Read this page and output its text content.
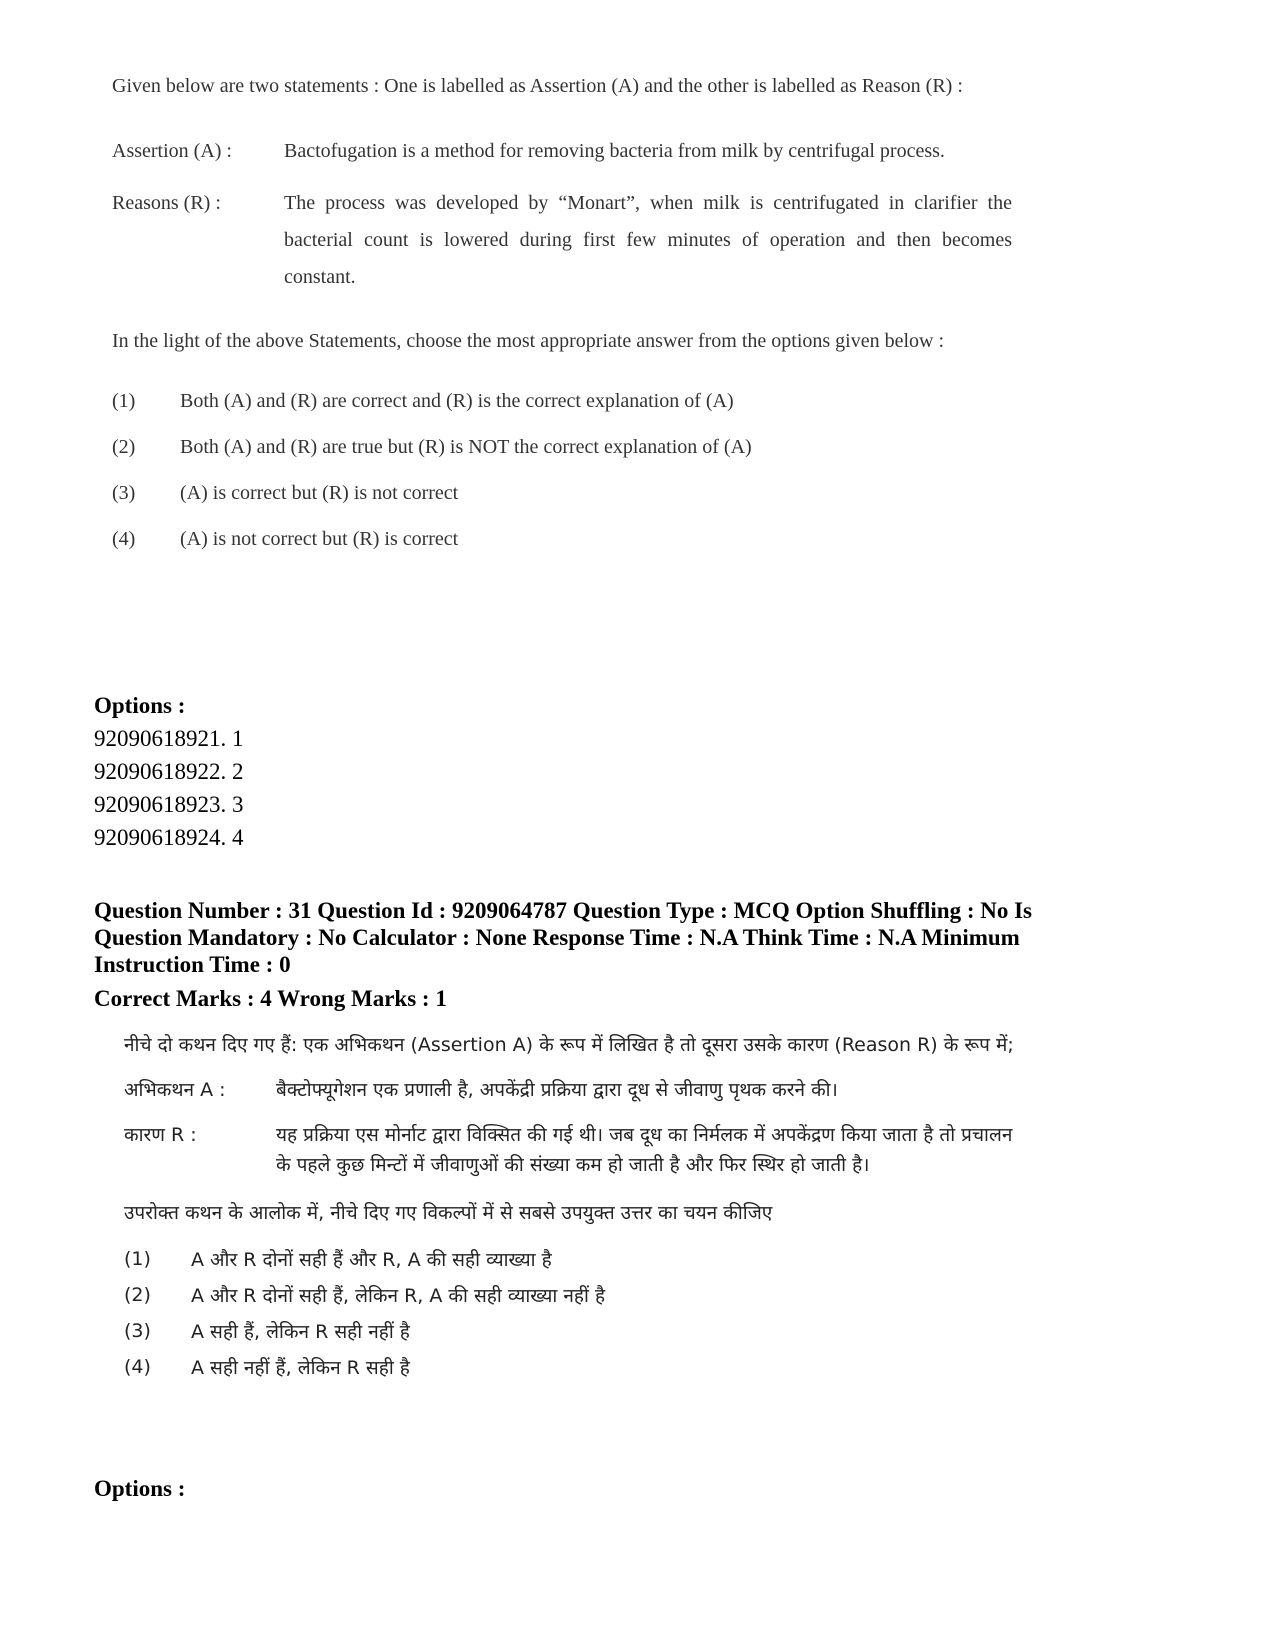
Given below are two statements : One is labelled as Assertion (A) and the other is labelled as Reason (R) :

Assertion (A) :	Bactofugation is a method for removing bacteria from milk by centrifugal process.
Reasons (R) :	The process was developed by “Monart”, when milk is centrifugated in clarifier the bacterial count is lowered during first few minutes of operation and then becomes constant.

In the light of the above Statements, choose the most appropriate answer from the options given below :

(1)	Both (A) and (R) are correct and (R) is the correct explanation of (A)
(2)	Both (A) and (R) are true but (R) is NOT the correct explanation of (A)
(3)	(A) is correct but (R) is not correct
(4)	(A) is not correct but (R) is correct
Options :
92090618921. 1
92090618922. 2
92090618923. 3
92090618924. 4
Question Number : 31 Question Id : 9209064787 Question Type : MCQ Option Shuffling : No Is Question Mandatory : No Calculator : None Response Time : N.A Think Time : N.A Minimum Instruction Time : 0
Correct Marks : 4 Wrong Marks : 1

नीचे दो कथन दिए गए हैं: एक अभिकथन (Assertion A) के रूप में लिखित है तो दूसरा उसके कारण (Reason R) के रूप में;

अभिकथन A :	बैक्टोफ्यूगेशन एक प्रणाली है, अपकेंद्री प्रक्रिया द्वारा दूध से जीवाणु पृथक करने की।
कारण R :	यह प्रक्रिया एस मोर्नाट द्वारा विक्सित की गई थी। जब दूध का निर्मलक में अपकेंद्रण किया जाता है तो प्रचालन के पहले कुछ मिन्टों में जीवाणुओं की संख्या कम हो जाती है और फिर स्थिर हो जाती है।

उपरोक्त कथन के आलोक में, नीचे दिए गए विकल्पों में से सबसे उपयुक्त उत्तर का चयन कीजिए

(1)	A और R दोनों सही हैं और R, A की सही व्याख्या है
(2)	A और R दोनों सही हैं, लेकिन R, A की सही व्याख्या नहीं है
(3)	A सही हैं, लेकिन R सही नहीं है
(4)	A सही नहीं हैं, लेकिन R सही है
Options :
